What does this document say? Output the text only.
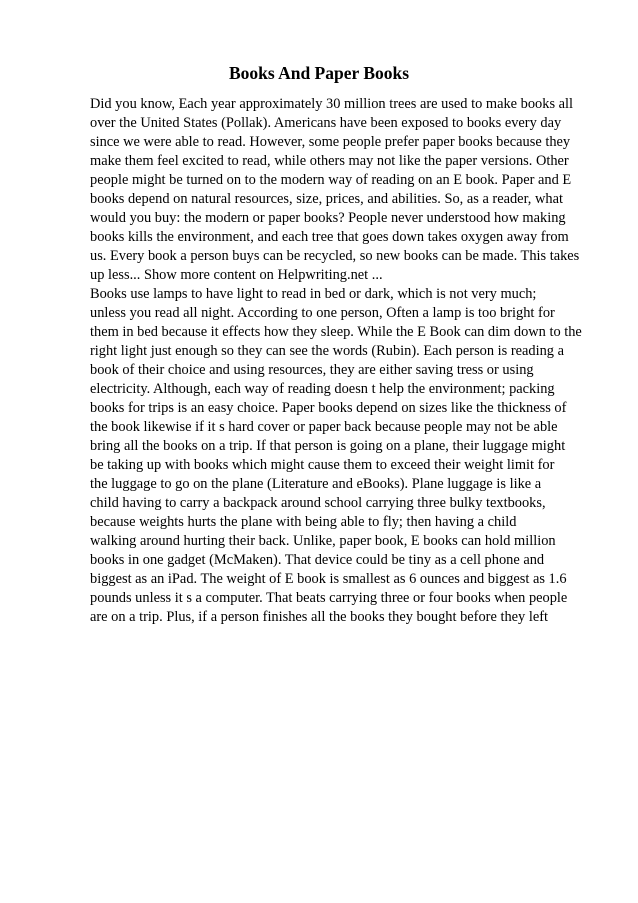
Books And Paper Books
Did you know, Each year approximately 30 million trees are used to make books all
over the United States (Pollak). Americans have been exposed to books every day
since we were able to read. However, some people prefer paper books because they
make them feel excited to read, while others may not like the paper versions. Other
people might be turned on to the modern way of reading on an E book. Paper and E
books depend on natural resources, size, prices, and abilities. So, as a reader, what
would you buy: the modern or paper books? People never understood how making
books kills the environment, and each tree that goes down takes oxygen away from
us. Every book a person buys can be recycled, so new books can be made. This takes
up less... Show more content on Helpwriting.net ...
Books use lamps to have light to read in bed or dark, which is not very much;
unless you read all night. According to one person, Often a lamp is too bright for
them in bed because it effects how they sleep. While the E Book can dim down to the
right light just enough so they can see the words (Rubin). Each person is reading a
book of their choice and using resources, they are either saving tress or using
electricity. Although, each way of reading doesn t help the environment; packing
books for trips is an easy choice. Paper books depend on sizes like the thickness of
the book likewise if it s hard cover or paper back because people may not be able
bring all the books on a trip. If that person is going on a plane, their luggage might
be taking up with books which might cause them to exceed their weight limit for
the luggage to go on the plane (Literature and eBooks). Plane luggage is like a
child having to carry a backpack around school carrying three bulky textbooks,
because weights hurts the plane with being able to fly; then having a child
walking around hurting their back. Unlike, paper book, E books can hold million
books in one gadget (McMaken). That device could be tiny as a cell phone and
biggest as an iPad. The weight of E book is smallest as 6 ounces and biggest as 1.6
pounds unless it s a computer. That beats carrying three or four books when people
are on a trip. Plus, if a person finishes all the books they bought before they left
